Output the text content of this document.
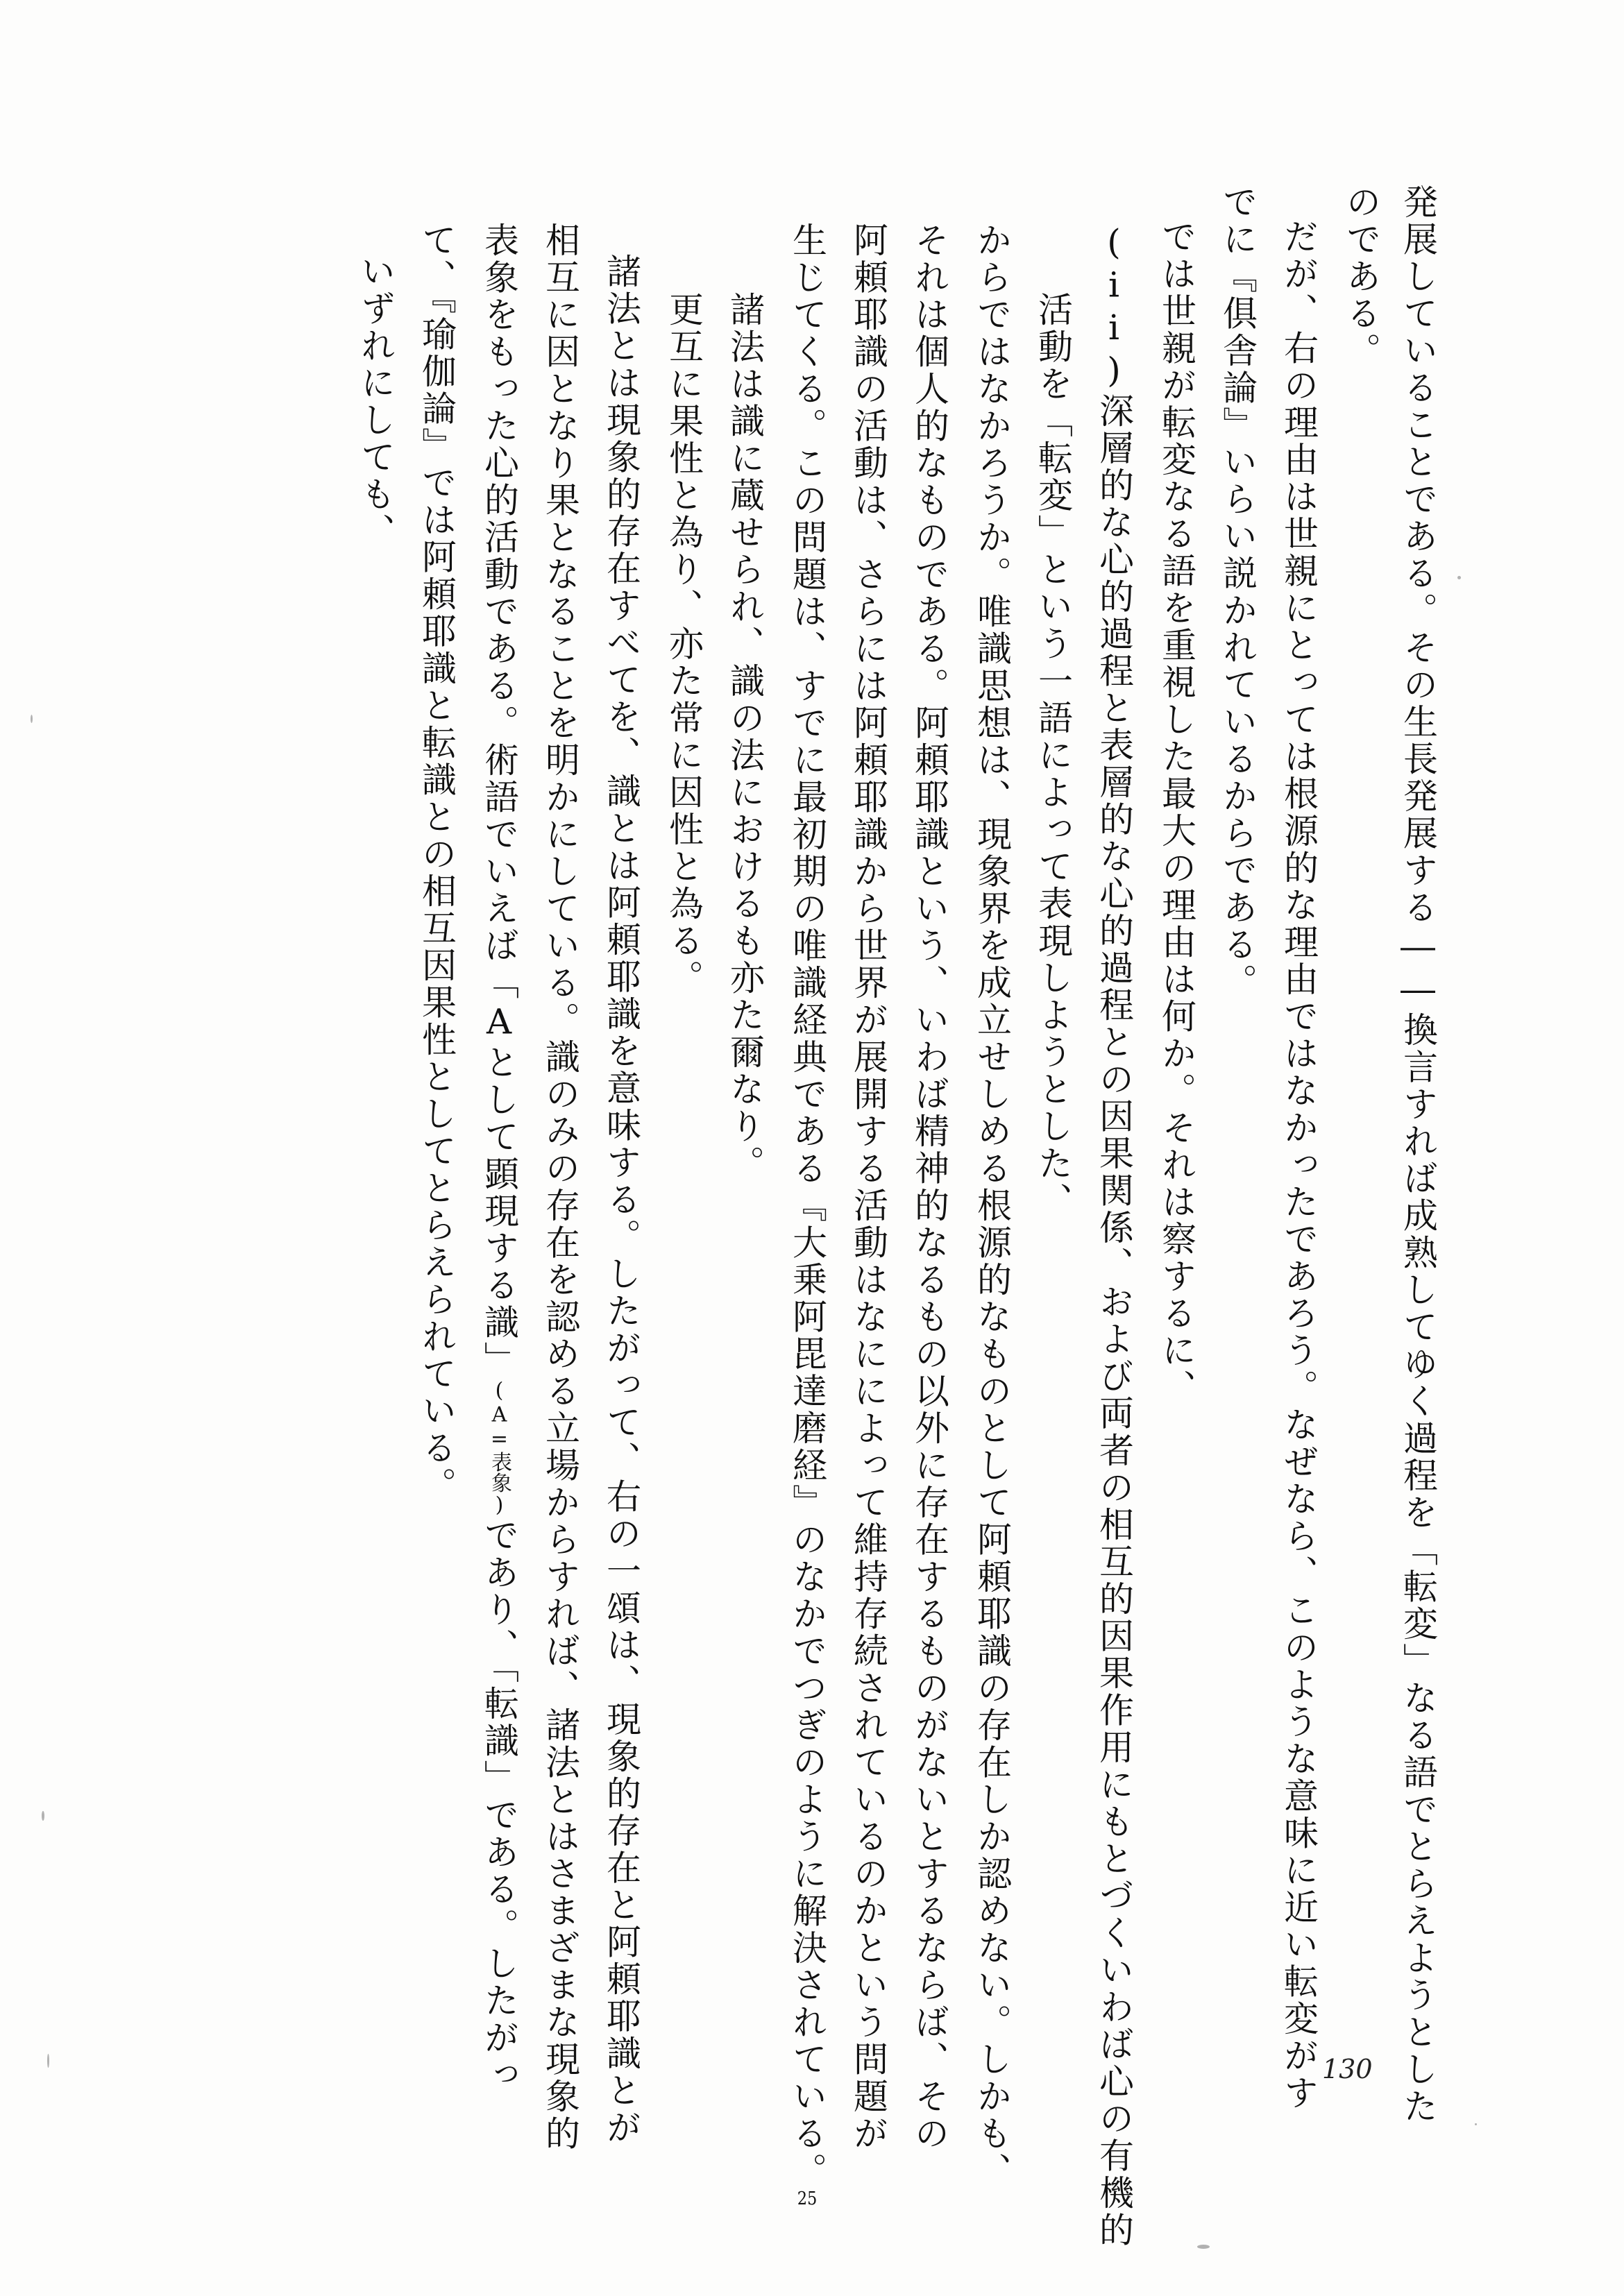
発展していることである。その生長発展する――換言すれば成熟してゆく過程を「転変」なる語でとらえようとした
のである。
だが、右の理由は世親にとっては根源的な理由ではなかったであろう。なぜなら、このような意味に近い転変がす
でに『俱舎論』いらい説かれているからである。
では世親が転変なる語を重視した最大の理由は何か。それは察するに、
(ii)深層的な心的過程と表層的な心的過程との因果関係、および両者の相互的因果作用にもとづくいわば心の有機的
活動を「転変」という一語によって表現しようとした、
からではなかろうか。唯識思想は、現象界を成立せしめる根源的なものとして阿頼耶識の存在しか認めない。しかも、
それは個人的なものである。阿頼耶識という、いわば精神的なるもの以外に存在するものがないとするならば、その
阿頼耶識の活動は、さらには阿頼耶識から世界が展開する活動はなにによって維持存続されているのかという問題が
生じてくる。この問題は、すでに最初期の唯識経典である『大乗阿毘達磨経』のなかでつぎのように解決されている。25
諸法は識に蔵せられ、識の法におけるも亦た爾なり。
更互に果性と為り、亦た常に因性と為る。
諸法とは現象的存在すべてを、識とは阿頼耶識を意味する。したがって、右の一頌は、現象的存在と阿頼耶識とが
相互に因となり果となることを明かにしている。識のみの存在を認める立場からすれば、諸法とはさまざまな現象的
表象をもった心的活動である。術語でいえば「Aとして顕現する識」(A=表象)であり、「転識」である。したがっ
て、『瑜伽論』では阿頼耶識と転識との相互因果性としてとらえられている。
いずれにしても、
130
